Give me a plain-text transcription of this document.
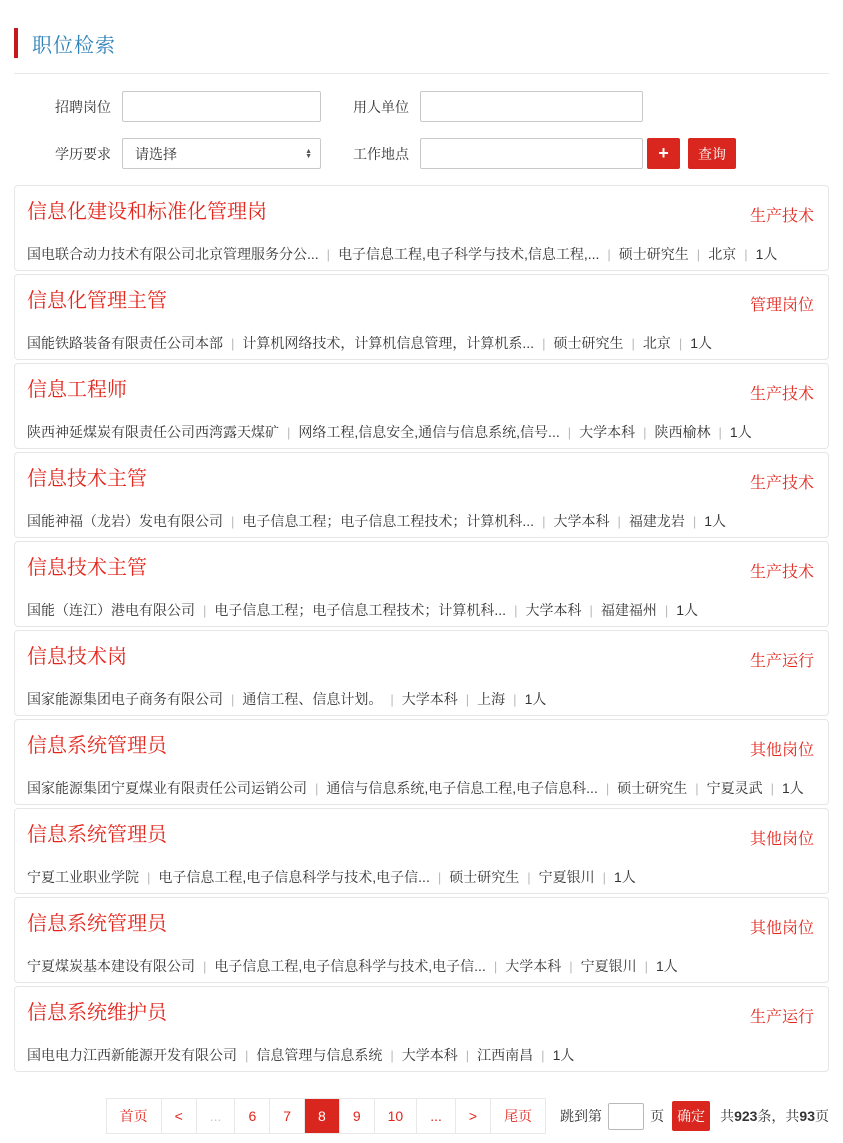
职位检索
招聘岗位	用人单位
学历要求 请选择	▲
▼	工作地点	+	查询
信息化建设和标准化管理岗	生产技术
国电联合动力技术有限公司北京管理服务分公... | 电子信息工程,电子科学与技术,信息工程,... | 硕士研究生 | 北京 | 1人
信息化管理主管	管理岗位
国能铁路装备有限责任公司本部 | 计算机网络技术，计算机信息管理，计算机系... | 硕士研究生 | 北京 | 1人
信息工程师	生产技术
陕西神延煤炭有限责任公司西湾露天煤矿 | 网络工程,信息安全,通信与信息系统,信号... | 大学本科 | 陕西榆林 | 1人
信息技术主管	生产技术
国能神福（龙岩）发电有限公司 | 电子信息工程；电子信息工程技术；计算机科... | 大学本科 | 福建龙岩 | 1人
信息技术主管	生产技术
国能（连江）港电有限公司 | 电子信息工程；电子信息工程技术；计算机科... | 大学本科 | 福建福州 | 1人
信息技术岗	生产运行
国家能源集团电子商务有限公司 | 通信工程、信息计划。 | 大学本科 | 上海 | 1人
信息系统管理员	其他岗位
国家能源集团宁夏煤业有限责任公司运销公司 | 通信与信息系统,电子信息工程,电子信息科... | 硕士研究生 | 宁夏灵武 | 1人
信息系统管理员	其他岗位
宁夏工业职业学院 | 电子信息工程,电子信息科学与技术,电子信... | 硕士研究生 | 宁夏银川 | 1人
信息系统管理员	其他岗位
宁夏煤炭基本建设有限公司 | 电子信息工程,电子信息科学与技术,电子信... | 大学本科 | 宁夏银川 | 1人
信息系统维护员	生产运行
国电电力江西新能源开发有限公司 | 信息管理与信息系统 | 大学本科 | 江西南昌 | 1人
首页	<	...	6	7	8	9	10	...	>	尾页	跳到第	页 确定	共923条，共93页
